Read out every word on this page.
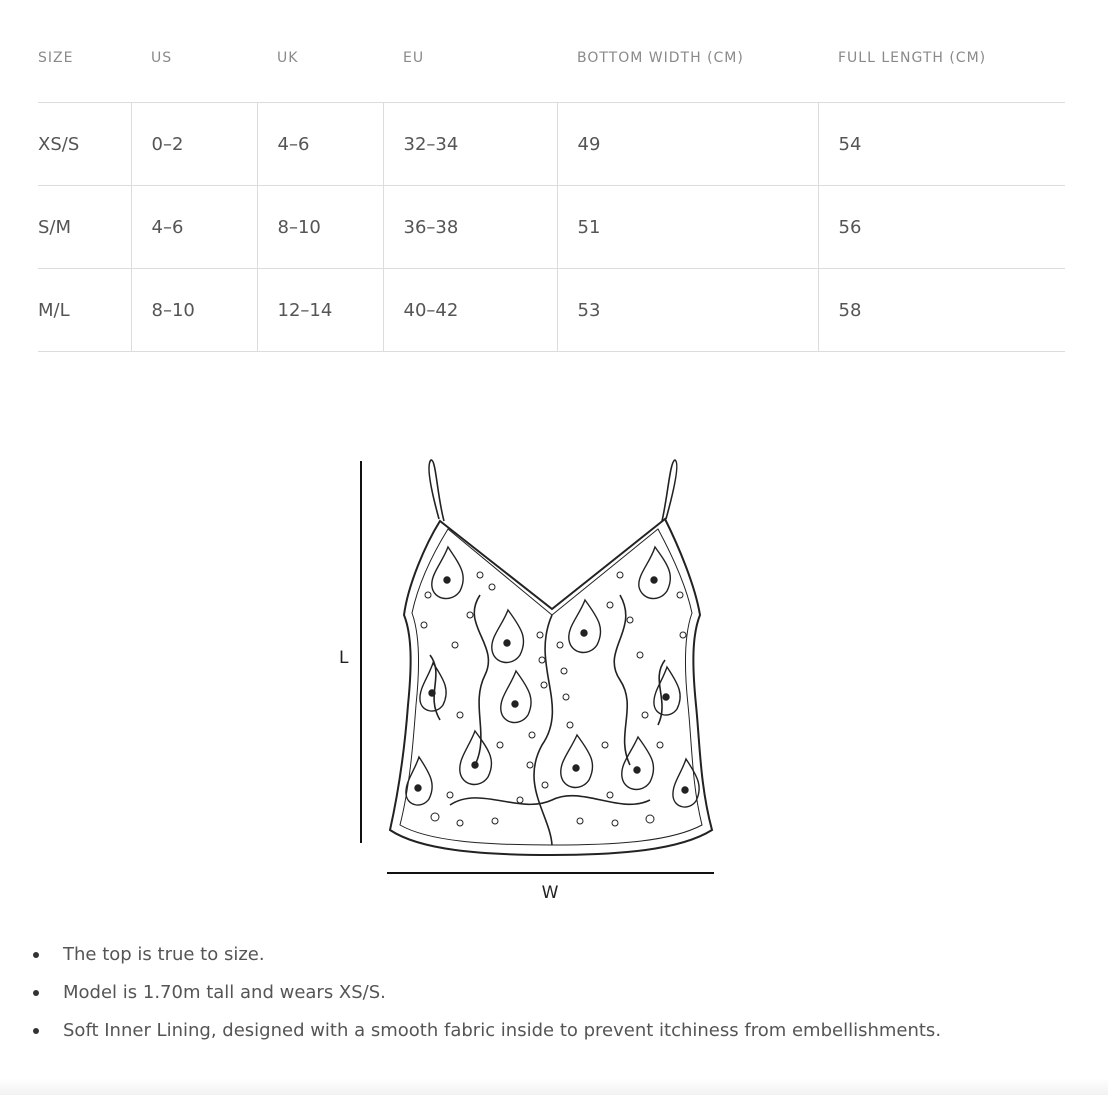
SIZE	US	UK	EU	BOTTOM WIDTH (CM)	FULL LENGTH (CM)
XS/S	0–2	4–6	32–34	49	54
S/M	4–6	8–10	36–38	51	56
M/L	8–10	12–14	40–42	53	58
L
W
The top is true to size.
Model is 1.70m tall and wears XS/S.
Soft Inner Lining, designed with a smooth fabric inside to prevent itchiness from embellishments.
